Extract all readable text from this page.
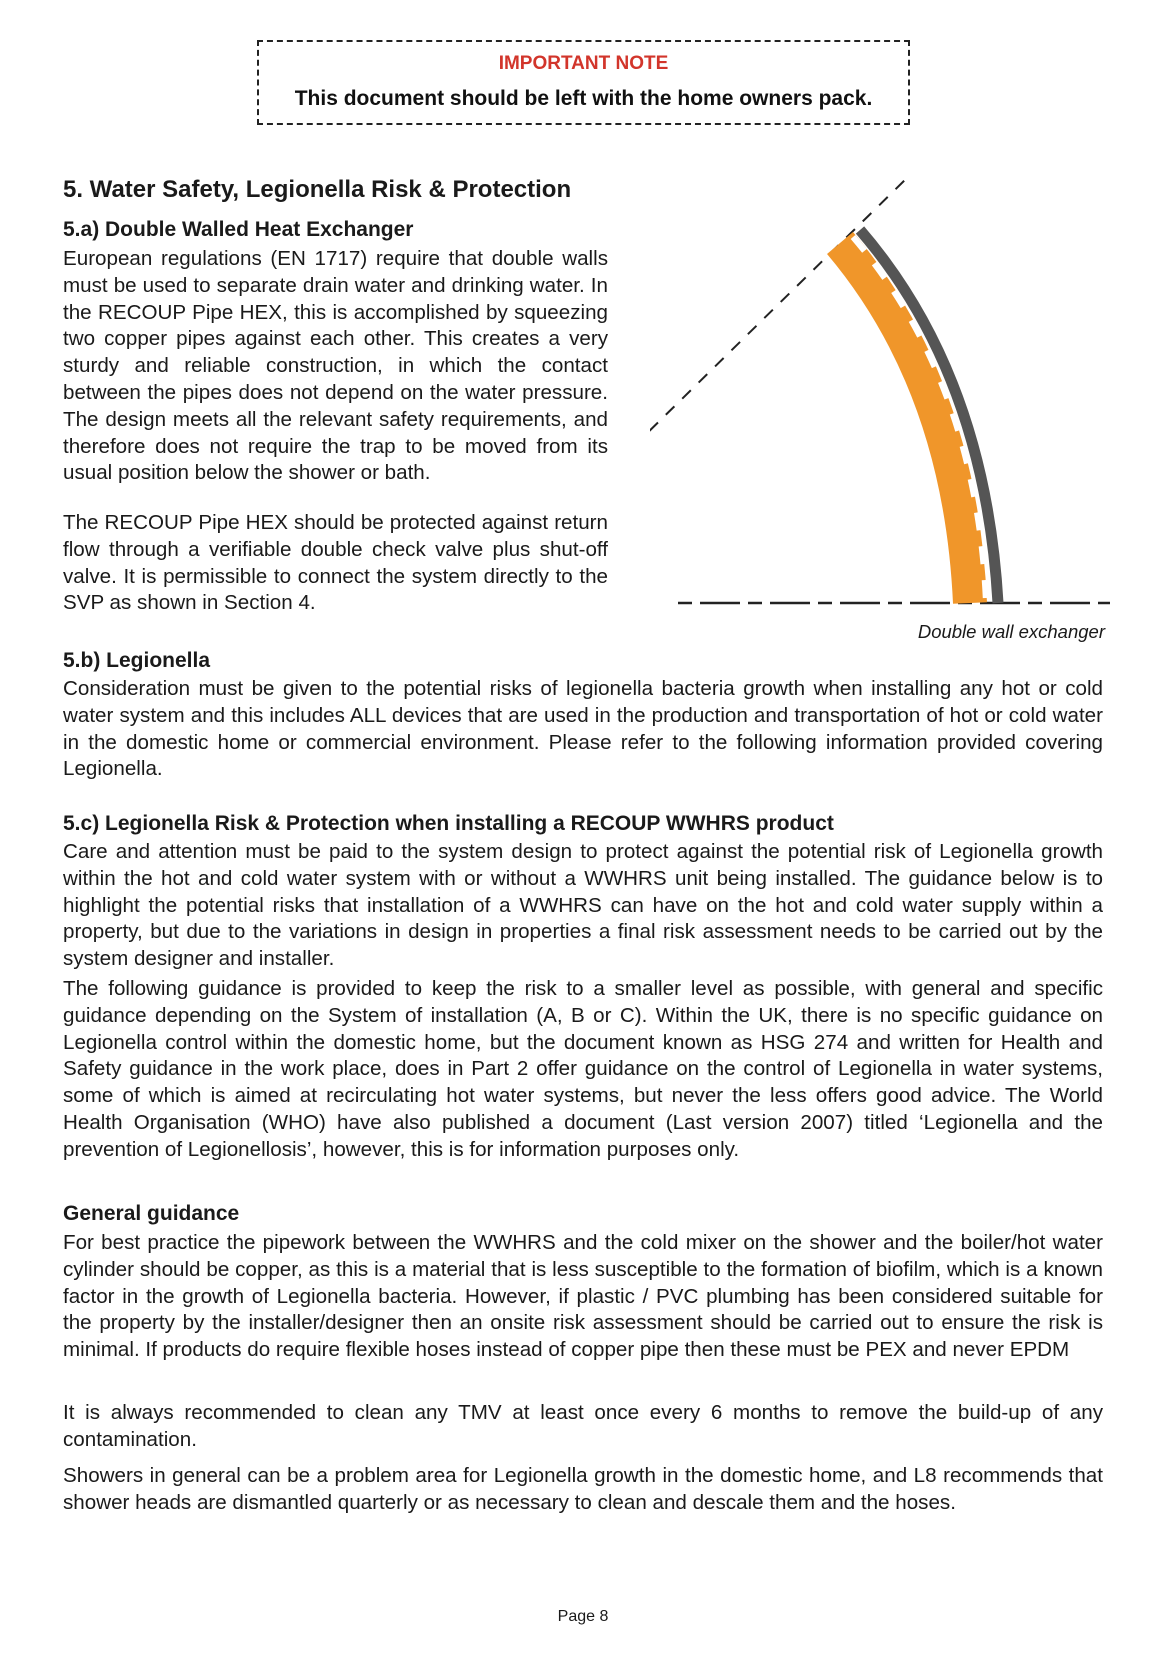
IMPORTANT NOTE
This document should be left with the home owners pack.
5. Water Safety, Legionella Risk & Protection
5.a) Double Walled Heat Exchanger

European regulations (EN 1717) require that double walls must be used to separate drain water and drinking water. In the RECOUP Pipe HEX, this is accomplished by squeezing two copper pipes against each other. This creates a very sturdy and reliable construction, in which the contact between the pipes does not depend on the water pressure. The design meets all the relevant safety requirements, and therefore does not require the trap to be moved from its usual position below the shower or bath.

The RECOUP Pipe HEX should be protected against return flow through a verifiable double check valve plus shut-off valve. It is permissible to connect the system directly to the SVP as shown in Section 4.

Double wall exchanger
5.b) Legionella

Consideration must be given to the potential risks of legionella bacteria growth when installing any hot or cold water system and this includes ALL devices that are used in the production and transportation of hot or cold water in the domestic home or commercial environment. Please refer to the following information provided covering Legionella.

5.c) Legionella Risk & Protection when installing a RECOUP WWHRS product

Care and attention must be paid to the system design to protect against the potential risk of Legionella growth within the hot and cold water system with or without a WWHRS unit being installed. The guidance below is to highlight the potential risks that installation of a WWHRS can have on the hot and cold water supply within a property, but due to the variations in design in properties a final risk assessment needs to be carried out by the system designer and installer.

The following guidance is provided to keep the risk to a smaller level as possible, with general and specific guidance depending on the System of installation (A, B or C). Within the UK, there is no specific guidance on Legionella control within the domestic home, but the document known as HSG 274 and written for Health and Safety guidance in the work place, does in Part 2 offer guidance on the control of Legionella in water systems, some of which is aimed at recirculating hot water systems, but never the less offers good advice. The World Health Organisation (WHO) have also published a document (Last version 2007) titled ‘Legionella and the prevention of Legionellosis’, however, this is for information purposes only.

General guidance

For best practice the pipework between the WWHRS and the cold mixer on the shower and the boiler/hot water cylinder should be copper, as this is a material that is less susceptible to the formation of biofilm, which is a known factor in the growth of Legionella bacteria. However, if plastic / PVC plumbing has been considered suitable for the property by the installer/designer then an onsite risk assessment should be carried out to ensure the risk is minimal. If products do require flexible hoses instead of copper pipe then these must be PEX and never EPDM

It is always recommended to clean any TMV at least once every 6 months to remove the build-up of any contamination.

Showers in general can be a problem area for Legionella growth in the domestic home, and L8 recommends that shower heads are dismantled quarterly or as necessary to clean and descale them and the hoses.

Page 8
